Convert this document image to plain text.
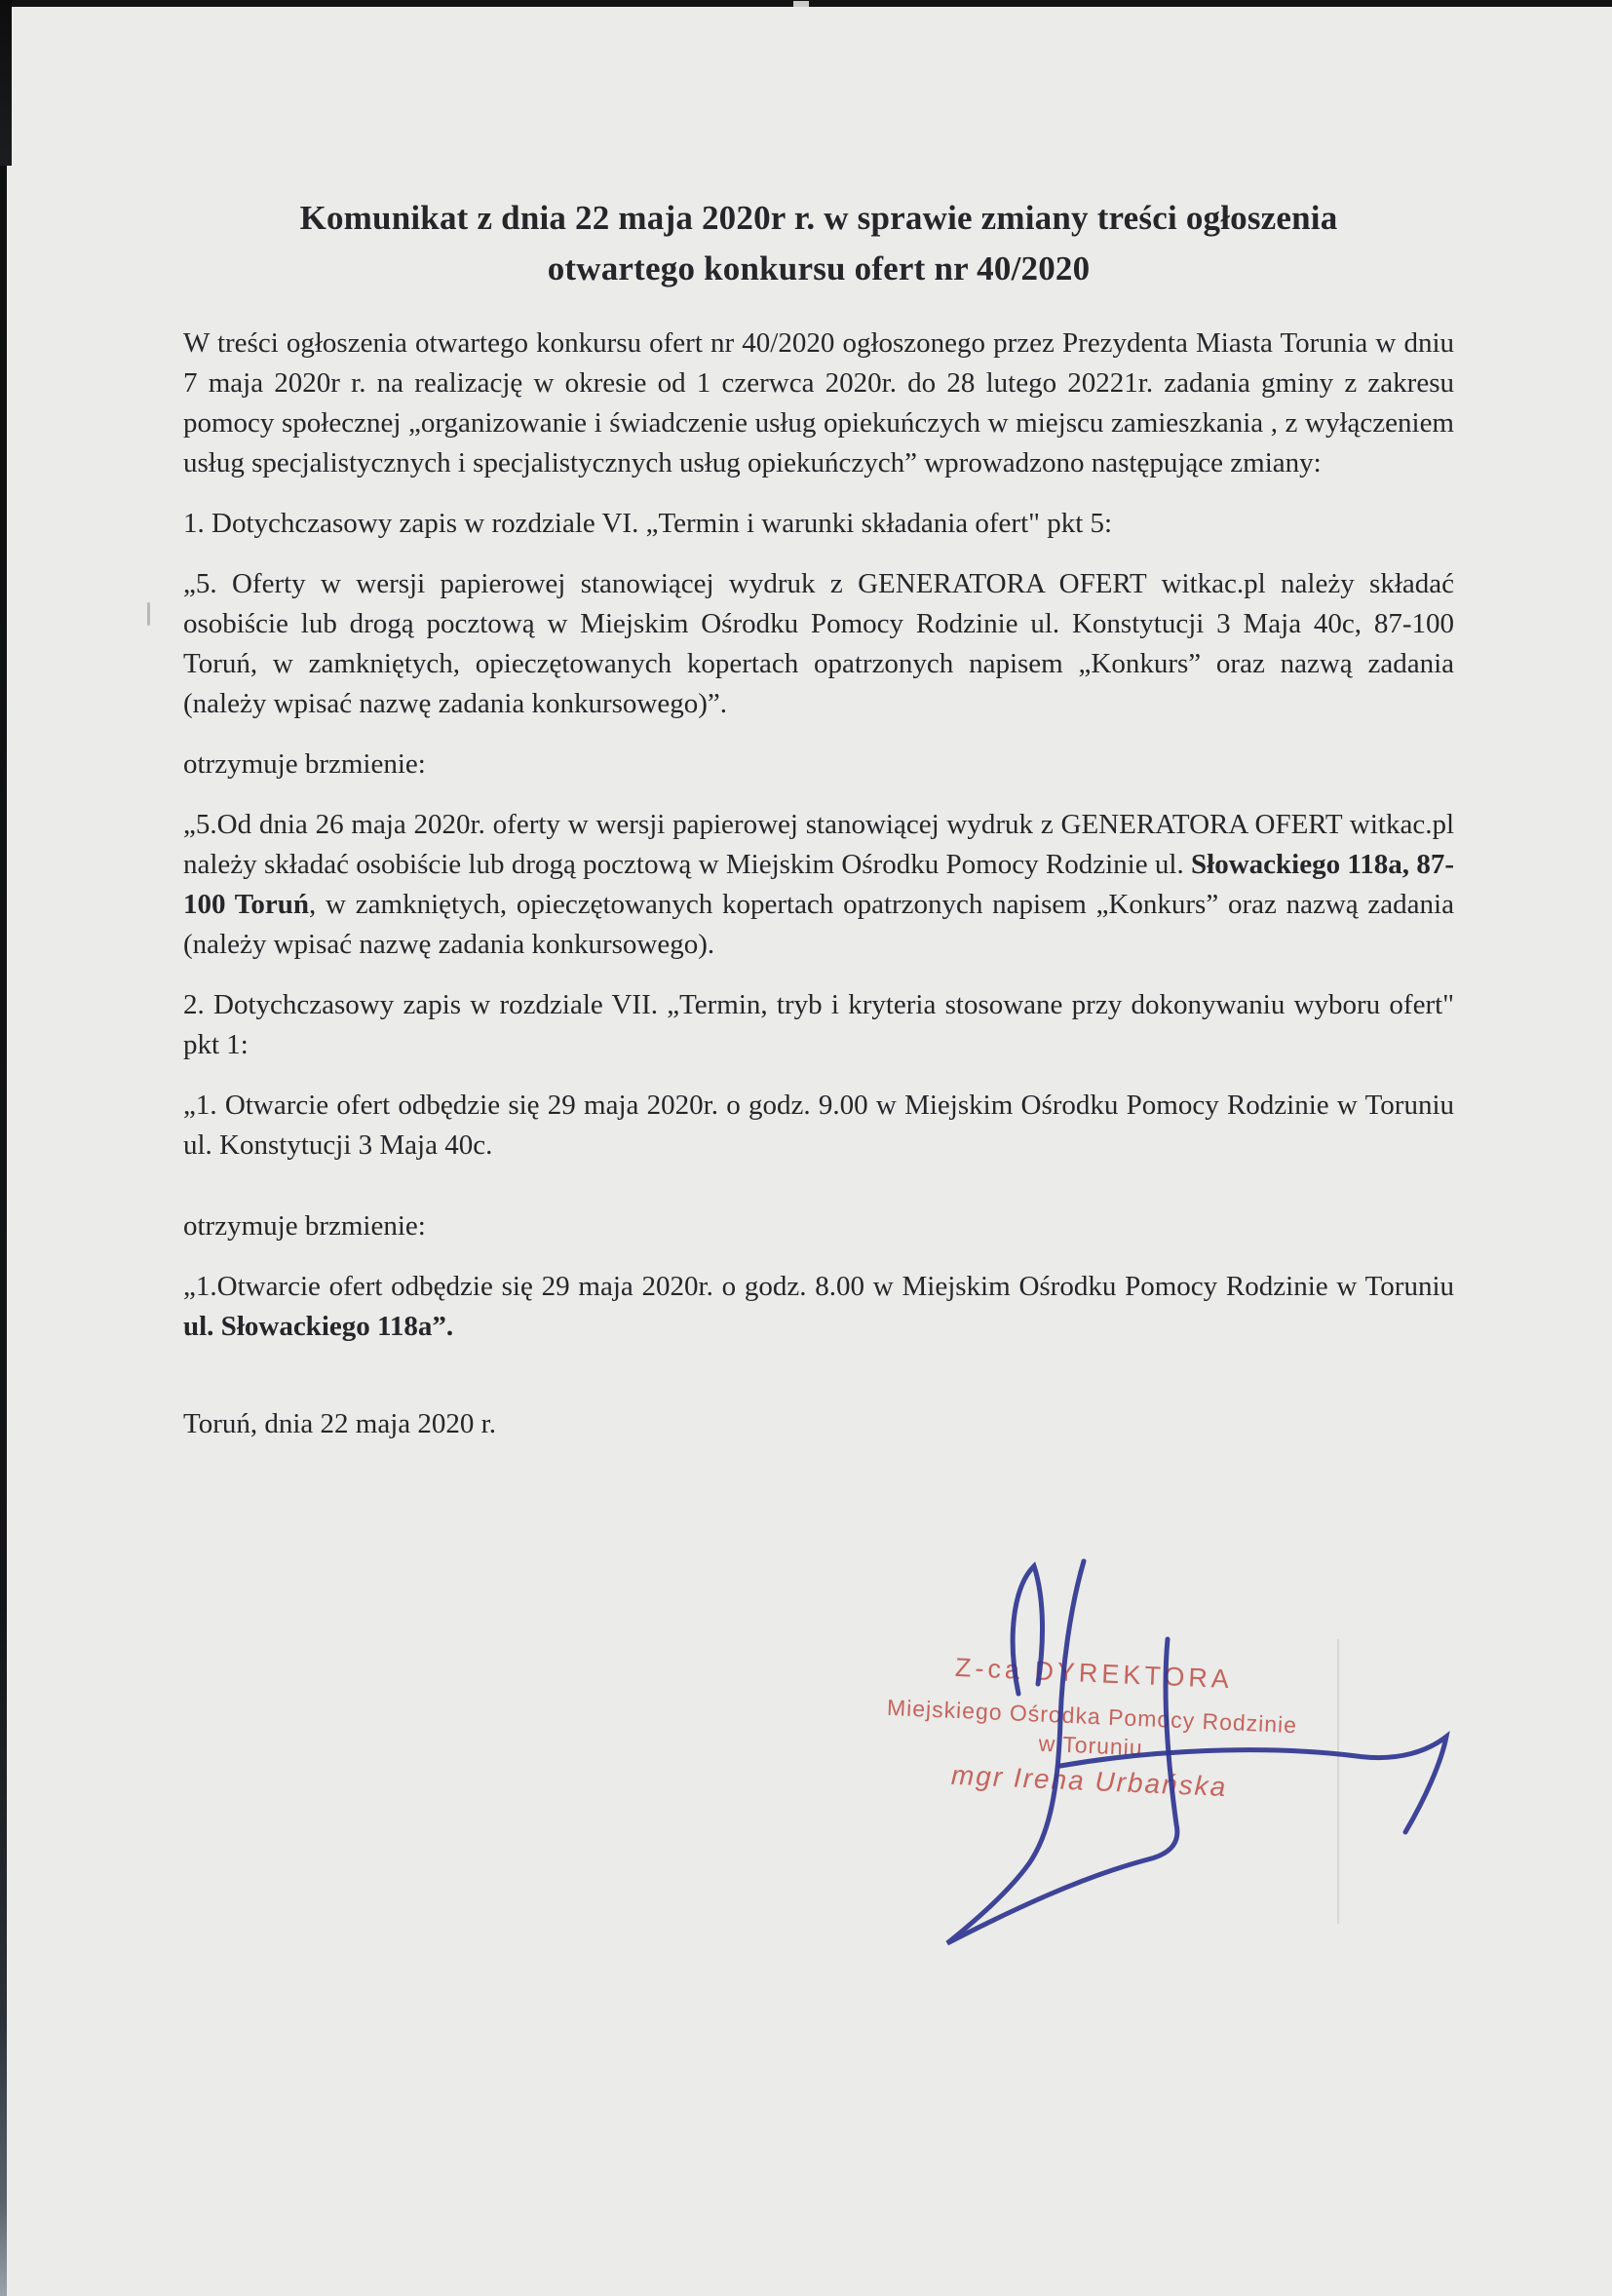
Komunikat z dnia 22 maja 2020r r. w sprawie zmiany treści ogłoszenia otwartego konkursu ofert nr 40/2020

W treści ogłoszenia otwartego konkursu ofert nr 40/2020 ogłoszonego przez Prezydenta Miasta Torunia w dniu 7 maja 2020r r. na realizację w okresie od 1 czerwca 2020r. do 28 lutego 20221r. zadania gminy z zakresu pomocy społecznej „organizowanie i świadczenie usług opiekuńczych w miejscu zamieszkania , z wyłączeniem usług specjalistycznych i specjalistycznych usług opiekuńczych” wprowadzono następujące zmiany:

1. Dotychczasowy zapis w rozdziale VI. „Termin i warunki składania ofert" pkt 5:

„5. Oferty w wersji papierowej stanowiącej wydruk z GENERATORA OFERT witkac.pl należy składać osobiście lub drogą pocztową w Miejskim Ośrodku Pomocy Rodzinie ul. Konstytucji 3 Maja 40c, 87-100 Toruń, w zamkniętych, opieczętowanych kopertach opatrzonych napisem „Konkurs” oraz nazwą zadania (należy wpisać nazwę zadania konkursowego)”.

otrzymuje brzmienie:

„5.Od dnia 26 maja 2020r. oferty w wersji papierowej stanowiącej wydruk z GENERATORA OFERT witkac.pl należy składać osobiście lub drogą pocztową w Miejskim Ośrodku Pomocy Rodzinie ul. Słowackiego 118a, 87-100 Toruń, w zamkniętych, opieczętowanych kopertach opatrzonych napisem „Konkurs” oraz nazwą zadania (należy wpisać nazwę zadania konkursowego).

2. Dotychczasowy zapis w rozdziale VII. „Termin, tryb i kryteria stosowane przy dokonywaniu wyboru ofert" pkt 1:

„1. Otwarcie ofert odbędzie się 29 maja 2020r. o godz. 9.00 w Miejskim Ośrodku Pomocy Rodzinie w Toruniu ul. Konstytucji 3 Maja 40c.

otrzymuje brzmienie:

„1.Otwarcie ofert odbędzie się 29 maja 2020r. o godz. 8.00 w Miejskim Ośrodku Pomocy Rodzinie w Toruniu ul. Słowackiego 118a”.

Toruń, dnia 22 maja 2020 r.

Z-ca DYREKTORA
Miejskiego Ośrodka Pomocy Rodzinie
w Toruniu
mgr Irena Urbańska
